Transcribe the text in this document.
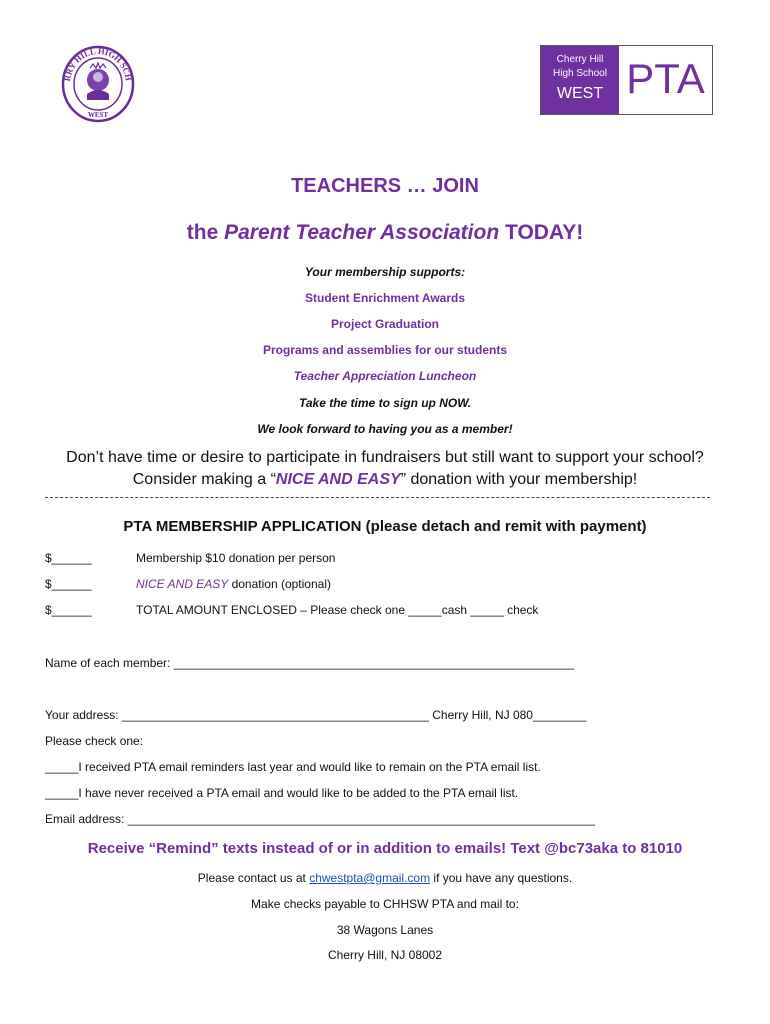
RRY HILL HIGH SCH
WEST
Cherry Hill
High School
WEST PTA
TEACHERS … JOIN
the Parent Teacher Association TODAY!
Your membership supports:
Student Enrichment Awards
Project Graduation
Programs and assemblies for our students
Teacher Appreciation Luncheon
Take the time to sign up NOW.
We look forward to having you as a member!
Don’t have time or desire to participate in fundraisers but still want to support your school?
Consider making a “NICE AND EASY” donation with your membership!
PTA MEMBERSHIP APPLICATION (please detach and remit with payment)
$______	Membership $10 donation per person
$______	NICE AND EASY donation (optional)
$______	TOTAL AMOUNT ENCLOSED – Please check one _____cash _____ check
Name of each member: ____________________________________________________________
Your address: ______________________________________________ Cherry Hill, NJ 080________
Please check one:
_____I received PTA email reminders last year and would like to remain on the PTA email list.
_____I have never received a PTA email and would like to be added to the PTA email list.
Email address: ______________________________________________________________________
Receive “Remind” texts instead of or in addition to emails! Text @bc73aka to 81010
Please contact us at chwestpta@gmail.com if you have any questions.
Make checks payable to CHHSW PTA and mail to:
38 Wagons Lanes
Cherry Hill, NJ 08002
